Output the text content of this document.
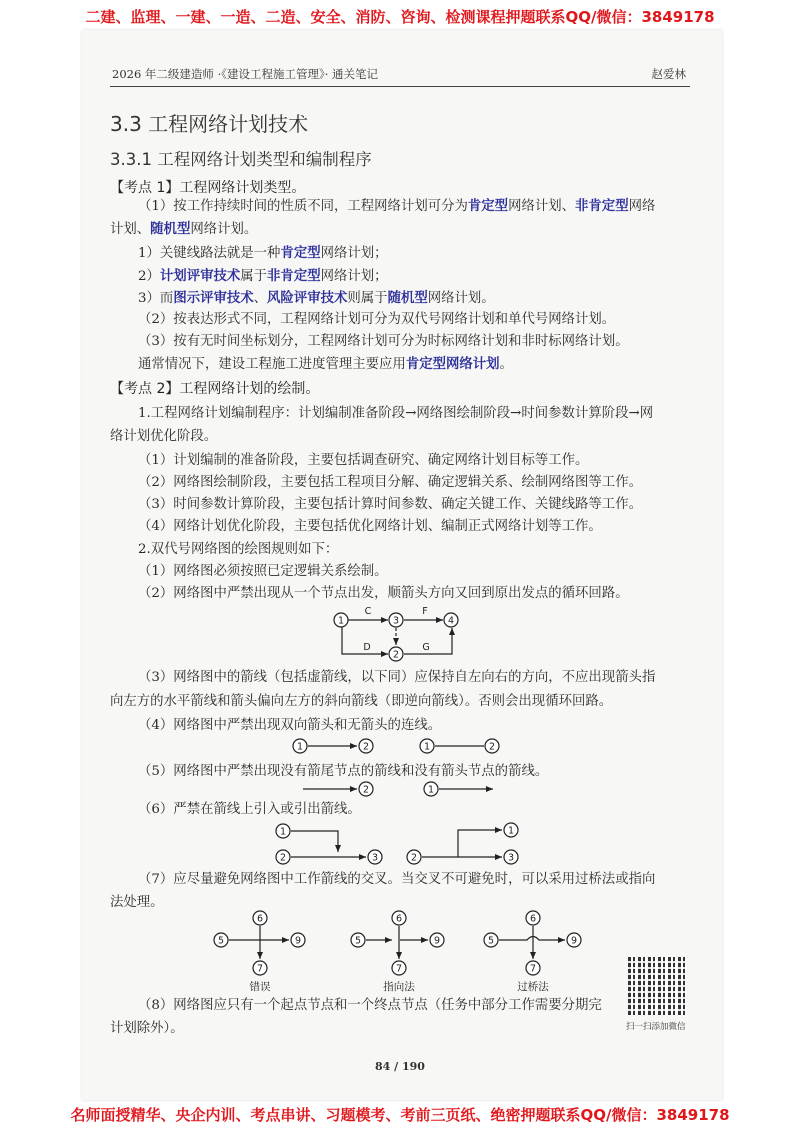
二建、监理、一建、一造、二造、安全、消防、咨询、检测课程押题联系QQ/微信：3849178
2026 年二级建造师 ·《建设工程施工管理》· 通关笔记	赵爱林
3.3 工程网络计划技术
3.3.1 工程网络计划类型和编制程序
【考点 1】工程网络计划类型。
（1）按工作持续时间的性质不同，工程网络计划可分为肯定型网络计划、非肯定型网络
计划、随机型网络计划。
1）关键线路法就是一种肯定型网络计划；
2）计划评审技术属于非肯定型网络计划；
3）而图示评审技术、风险评审技术则属于随机型网络计划。
（2）按表达形式不同，工程网络计划可分为双代号网络计划和单代号网络计划。
（3）按有无时间坐标划分，工程网络计划可分为时标网络计划和非时标网络计划。
通常情况下，建设工程施工进度管理主要应用肯定型网络计划。
【考点 2】工程网络计划的绘制。
1.工程网络计划编制程序：计划编制准备阶段→网络图绘制阶段→时间参数计算阶段→网
络计划优化阶段。
（1）计划编制的准备阶段，主要包括调查研究、确定网络计划目标等工作。
（2）网络图绘制阶段，主要包括工程项目分解、确定逻辑关系、绘制网络图等工作。
（3）时间参数计算阶段，主要包括计算时间参数、确定关键工作、关键线路等工作。
（4）网络计划优化阶段，主要包括优化网络计划、编制正式网络计划等工作。
2.双代号网络图的绘图规则如下：
（1）网络图必须按照已定逻辑关系绘制。
（2）网络图中严禁出现从一个节点出发，顺箭头方向又回到原出发点的循环回路。
（3）网络图中的箭线（包括虚箭线，以下同）应保持自左向右的方向，不应出现箭头指
向左方的水平箭线和箭头偏向左方的斜向箭线（即逆向箭线）。否则会出现循环回路。
（4）网络图中严禁出现双向箭头和无箭头的连线。
（5）网络图中严禁出现没有箭尾节点的箭线和没有箭头节点的箭线。
（6）严禁在箭线上引入或引出箭线。
（7）应尽量避免网络图中工作箭线的交叉。当交叉不可避免时，可以采用过桥法或指向
法处理。
（8）网络图应只有一个起点节点和一个终点节点（任务中部分工作需要分期完
计划除外）。
1	3	4
2
C	F
D	G
1	2	1	2
2	1
1
2	3	2
1
3
5	9
6
7
5	9
6
7
5	9
6
7
错误	指向法	过桥法
扫一扫添加微信
84 / 190
名师面授精华、央企内训、考点串讲、习题模考、考前三页纸、绝密押题联系QQ/微信：3849178
